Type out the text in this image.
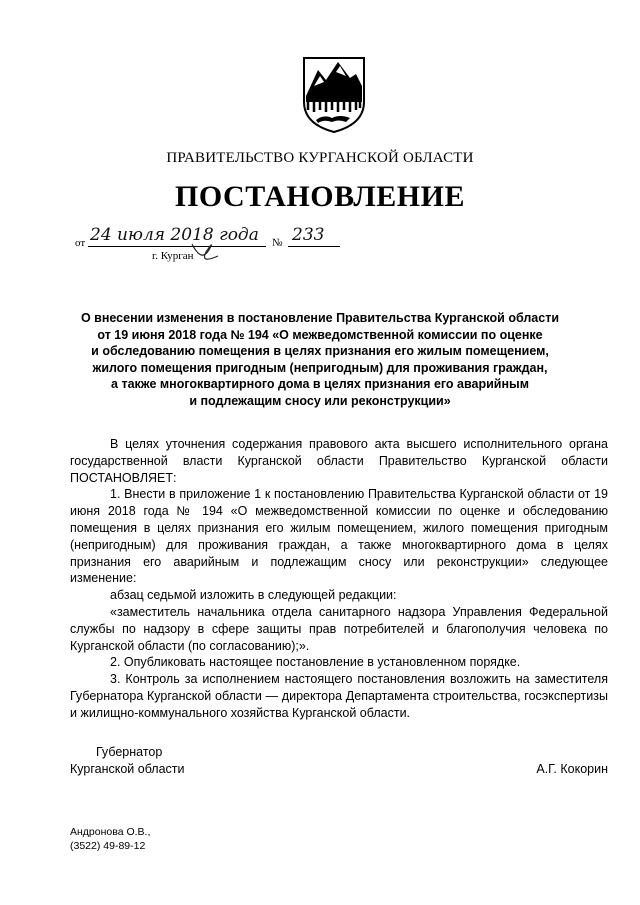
ПРАВИТЕЛЬСТВО КУРГАНСКОЙ ОБЛАСТИ
ПОСТАНОВЛЕНИЕ
от 24 июля 2018 года № 233
г. Курган
О внесении изменения в постановление Правительства Курганской области
от 19 июня 2018 года № 194 «О межведомственной комиссии по оценке
и обследованию помещения в целях признания его жилым помещением,
жилого помещения пригодным (непригодным) для проживания граждан,
а также многоквартирного дома в целях признания его аварийным
и подлежащим сносу или реконструкции»

В целях уточнения содержания правового акта высшего исполнительного органа государственной власти Курганской области Правительство Курганской области ПОСТАНОВЛЯЕТ:

1. Внести в приложение 1 к постановлению Правительства Курганской области от 19 июня 2018 года № 194 «О межведомственной комиссии по оценке и обследованию помещения в целях признания его жилым помещением, жилого помещения пригодным (непригодным) для проживания граждан, а также многоквартирного дома в целях признания его аварийным и подлежащим сносу или реконструкции» следующее изменение:

абзац седьмой изложить в следующей редакции:

«заместитель начальника отдела санитарного надзора Управления Федеральной службы по надзору в сфере защиты прав потребителей и благополучия человека по Курганской области (по согласованию);».

2. Опубликовать настоящее постановление в установленном порядке.

3. Контроль за исполнением настоящего постановления возложить на заместителя Губернатора Курганской области — директора Департамента строительства, госэкспертизы и жилищно-коммунального хозяйства Курганской области.

Губернатор
Курганской области	А.Г. Кокорин
Андронова О.В.,
(3522) 49-89-12
